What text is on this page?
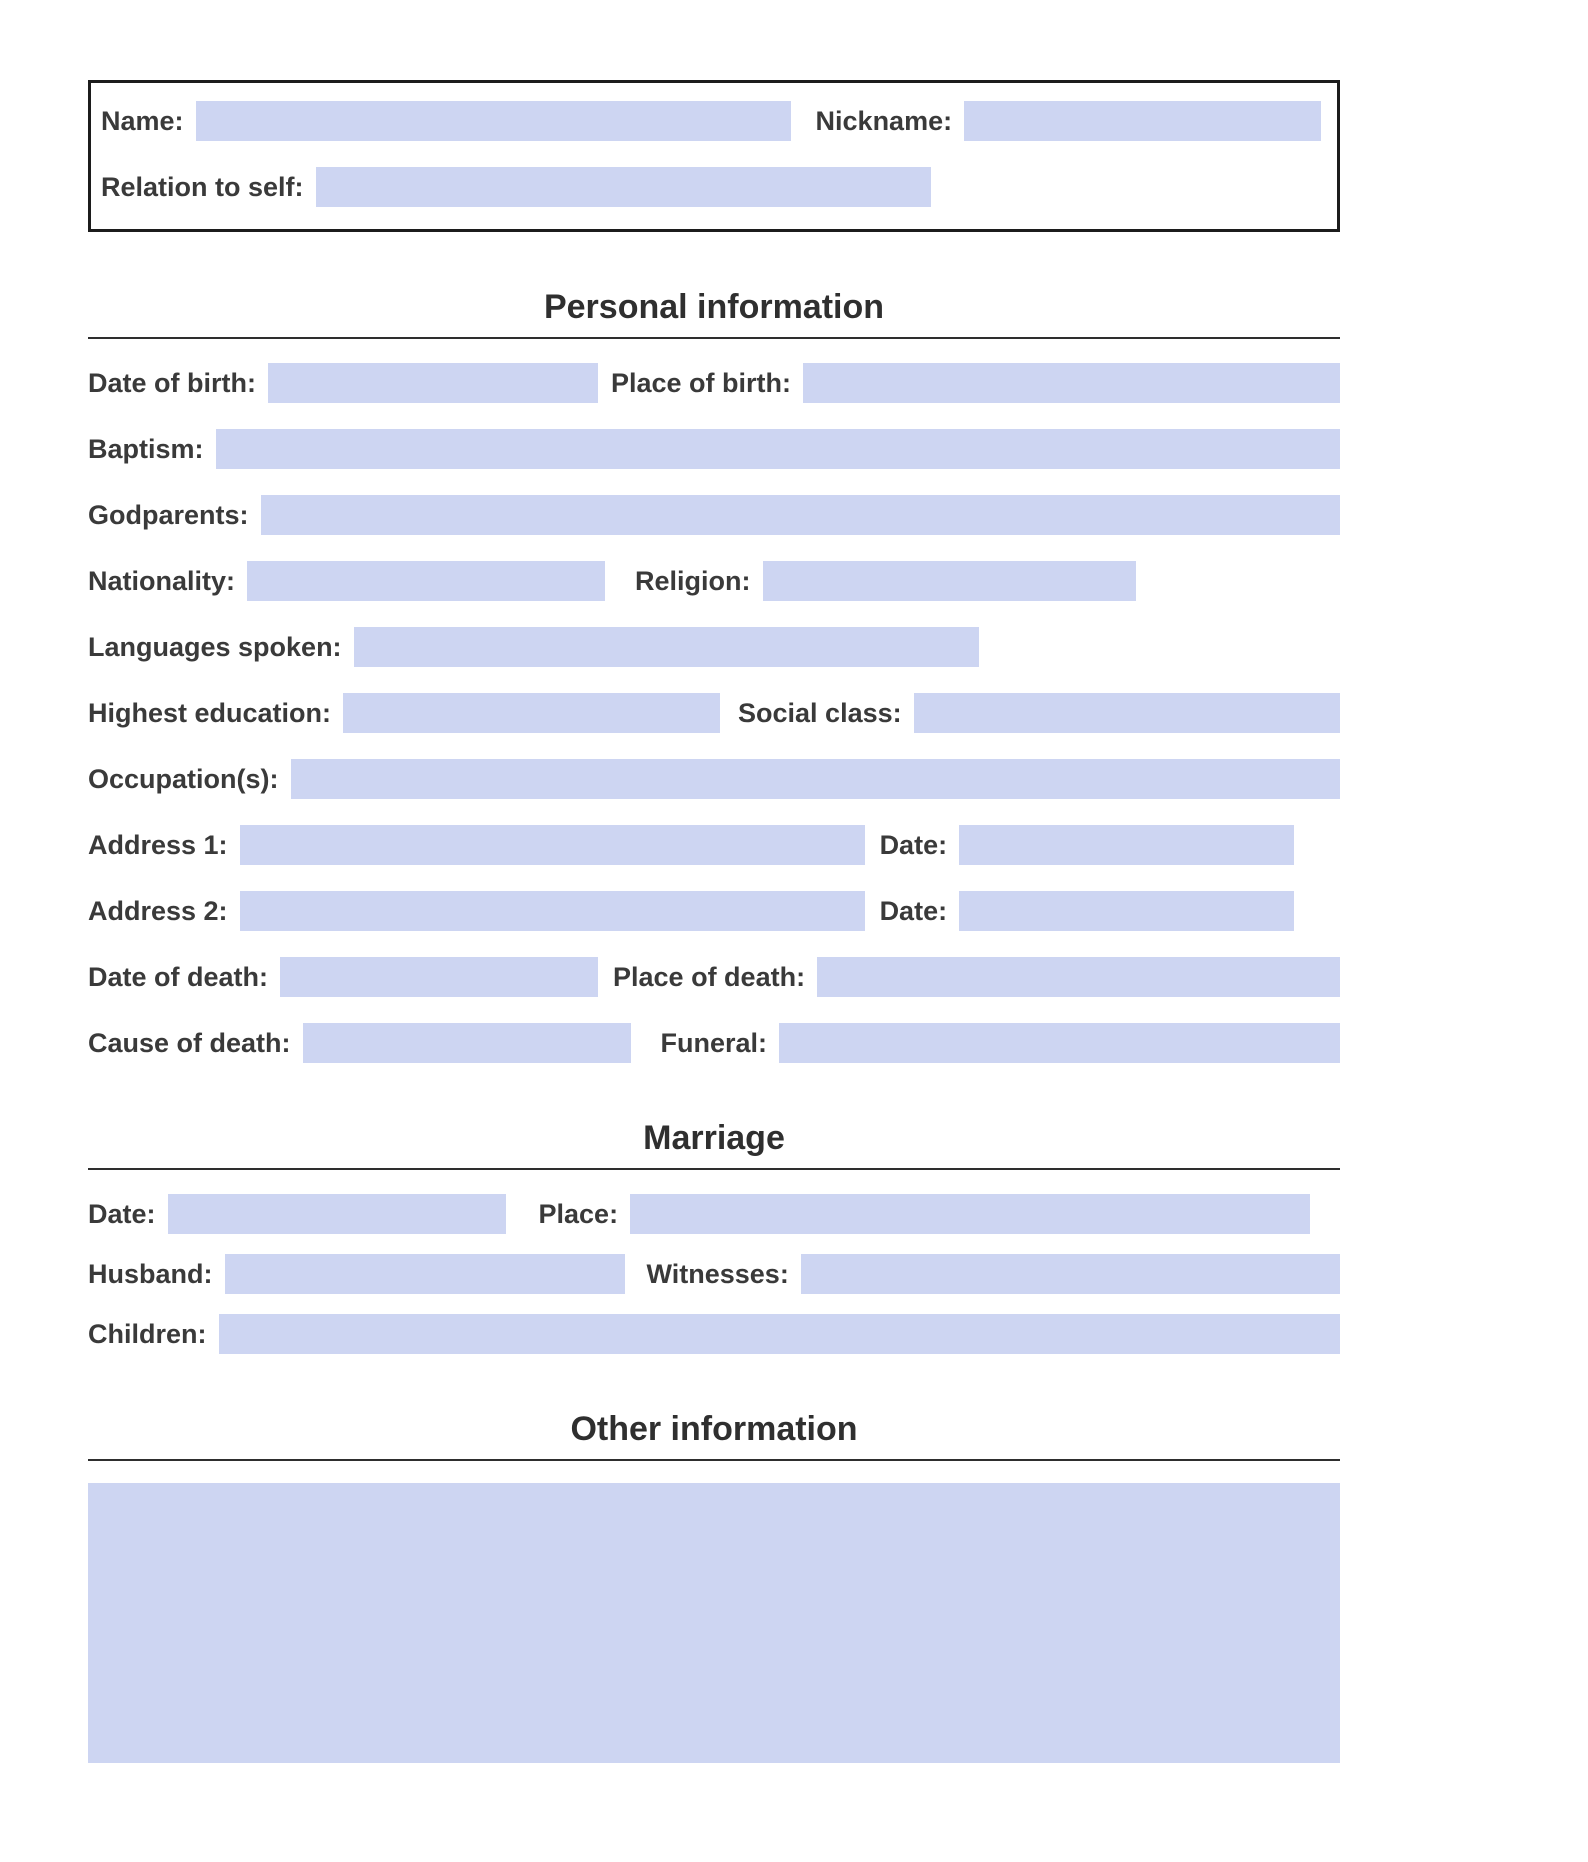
Name:	Nickname:
Relation to self:
Personal information
Date of birth:	Place of birth:
Baptism:
Godparents:
Nationality:	Religion:
Languages spoken:
Highest education:	Social class:
Occupation(s):
Address 1:	Date:
Address 2:	Date:
Date of death:	Place of death:
Cause of death:	Funeral:
Marriage
Date:	Place:
Husband:	Witnesses:
Children:
Other information
